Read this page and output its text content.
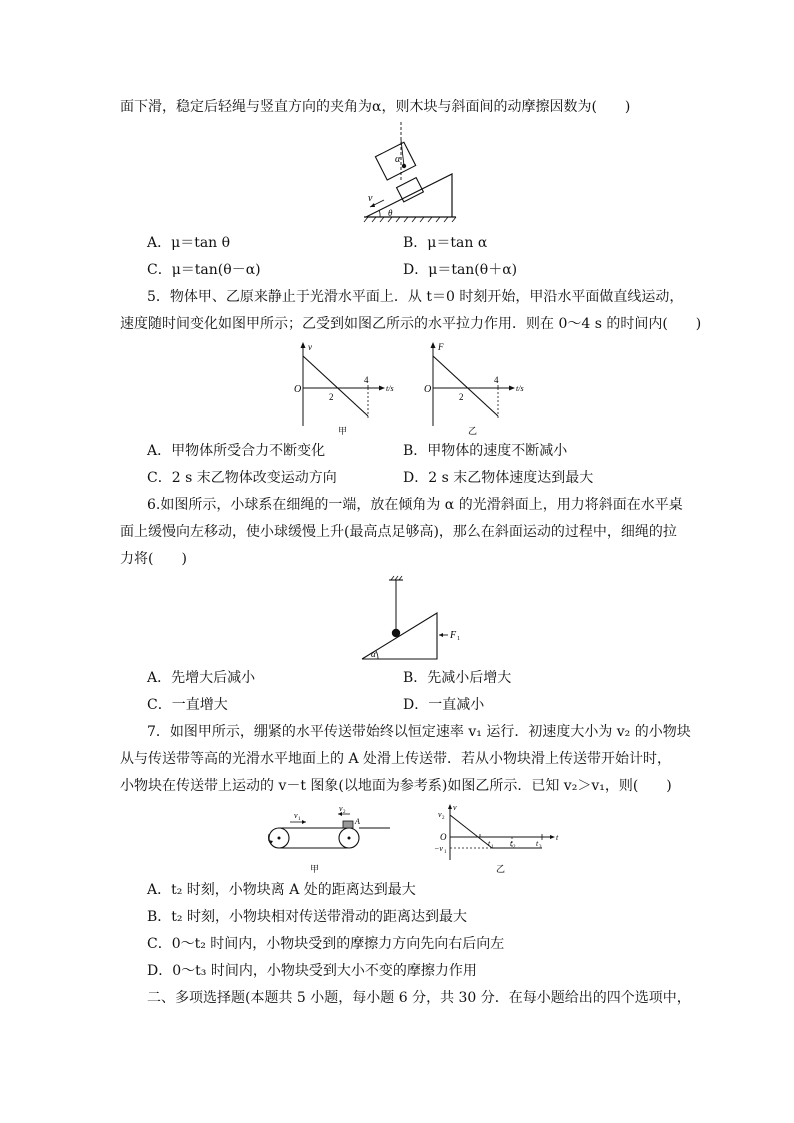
面下滑，稳定后轻绳与竖直方向的夹角为α，则木块与斜面间的动摩擦因数为(　　)
α
v
θ
A．μ＝tan θ	B．μ＝tan α
C．μ＝tan(θ－α)	D．μ＝tan(θ＋α)
5．物体甲、乙原来静止于光滑水平面上．从 t＝0 时刻开始，甲沿水平面做直线运动，
速度随时间变化如图甲所示；乙受到如图乙所示的水平拉力作用．则在 0～4 s 的时间内(　　)
v
O
2
4
t/s
甲
F
O
2
4
t/s
乙
A．甲物体所受合力不断变化	B．甲物体的速度不断减小
C．2 s 末乙物体改变运动方向	D．2 s 末乙物体速度达到最大
6.如图所示，小球系在细绳的一端，放在倾角为 α 的光滑斜面上，用力将斜面在水平桌
面上缓慢向左移动，使小球缓慢上升(最高点足够高)，那么在斜面运动的过程中，细绳的拉
力将(　　)
F 1
α
A．先增大后减小	B．先减小后增大
C．一直增大	D．一直减小
7．如图甲所示，绷紧的水平传送带始终以恒定速率 v₁ 运行．初速度大小为 v₂ 的小物块
从与传送带等高的光滑水平地面上的 A 处滑上传送带．若从小物块滑上传送带开始计时，
小物块在传送带上运动的 v－t 图象(以地面为参考系)如图乙所示．已知 v₂＞v₁，则(　　)
v 1
v 2
A
甲
v
v 2
O
−v 1
t 1 t 2	t 3
t
乙
A．t₂ 时刻，小物块离 A 处的距离达到最大
B．t₂ 时刻，小物块相对传送带滑动的距离达到最大
C．0～t₂ 时间内，小物块受到的摩擦力方向先向右后向左
D．0～t₃ 时间内，小物块受到大小不变的摩擦力作用
二、多项选择题(本题共 5 小题，每小题 6 分，共 30 分．在每小题给出的四个选项中，
